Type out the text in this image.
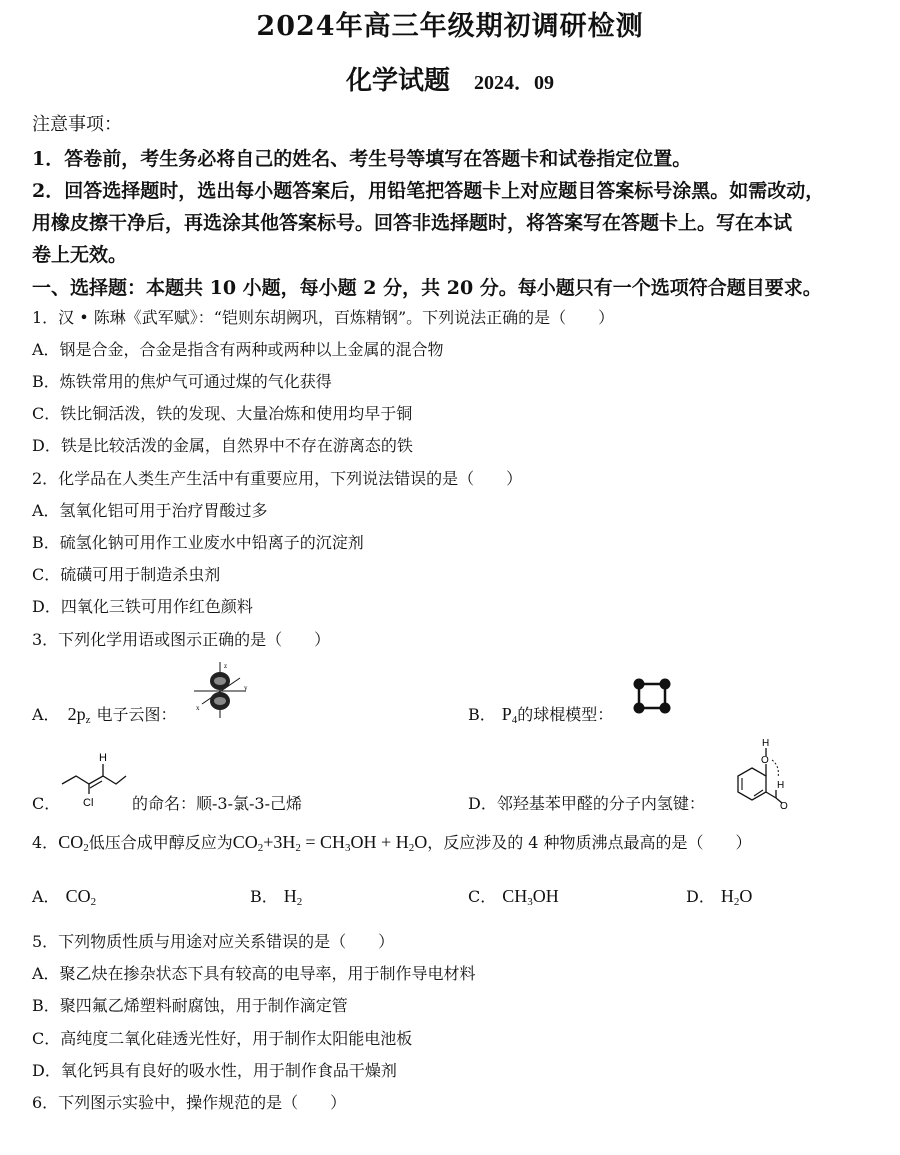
2024年高三年级期初调研检测
化学试题 2024．09
注意事项：
1．答卷前，考生务必将自己的姓名、考生号等填写在答题卡和试卷指定位置。
2．回答选择题时，选出每小题答案后，用铅笔把答题卡上对应题目答案标号涂黑。如需改动，
用橡皮擦干净后，再选涂其他答案标号。回答非选择题时，将答案写在答题卡上。写在本试
卷上无效。
一、选择题：本题共 10 小题，每小题 2 分，共 20 分。每小题只有一个选项符合题目要求。
1．汉 • 陈琳《武军赋》：“铠则东胡阙巩，百炼精钢”。下列说法正确的是（　　）
A．钢是合金，合金是指含有两种或两种以上金属的混合物
B．炼铁常用的焦炉气可通过煤的气化获得
C．铁比铜活泼，铁的发现、大量冶炼和使用均早于铜
D．铁是比较活泼的金属，自然界中不存在游离态的铁
2．化学品在人类生产生活中有重要应用，下列说法错误的是（　　）
A．氢氧化铝可用于治疗胃酸过多
B．硫氢化钠可用作工业废水中铅离子的沉淀剂
C．硫磺可用于制造杀虫剂
D．四氧化三铁可用作红色颜料
3．下列化学用语或图示正确的是（　　）
A． $2p_z$ 电子云图：
z
y
x	B． $P_4$的球棍模型：
C．
H
Cl 的命名：顺-3-氯-3-己烯	D．邻羟基苯甲醛的分子内氢键：
H
O
H
O
4．$CO_2$低压合成甲醇反应为$CO_2+3H_2 = CH_3OH + H_2O$，反应涉及的 4 种物质沸点最高的是（　　）
A． $CO_2$	B． $H_2$	C． $CH_3OH$	D． $H_2O$
5．下列物质性质与用途对应关系错误的是（　　）
A．聚乙炔在掺杂状态下具有较高的电导率，用于制作导电材料
B．聚四氟乙烯塑料耐腐蚀，用于制作滴定管
C．高纯度二氧化硅透光性好，用于制作太阳能电池板
D．氧化钙具有良好的吸水性，用于制作食品干燥剂
6．下列图示实验中，操作规范的是（　　）
